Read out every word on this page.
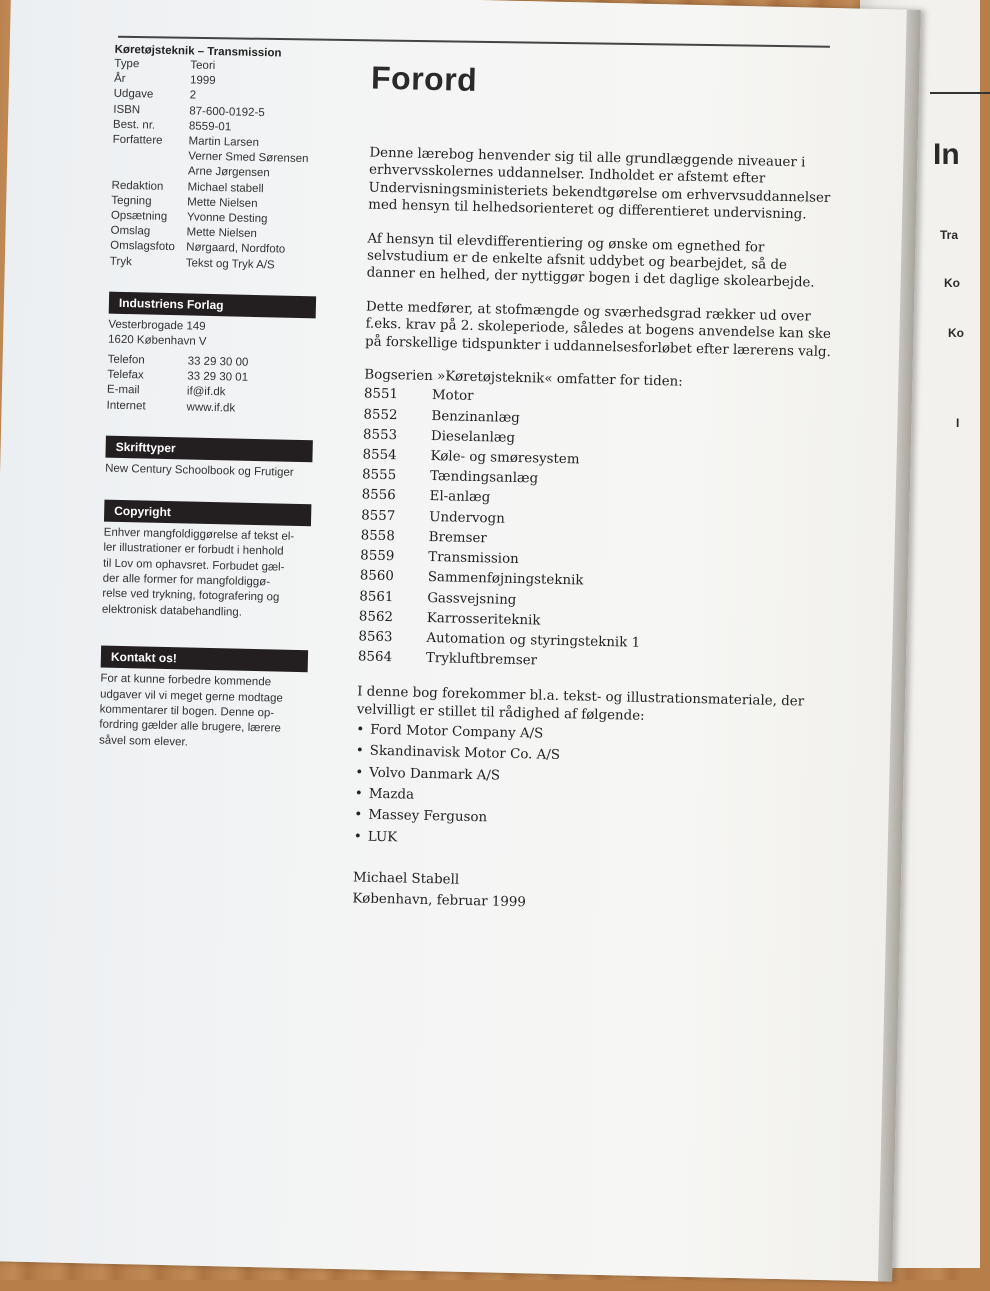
In
Tra
Ko
Ko
I
Køretøjsteknik – Transmission
Type	Teori
År	1999
Udgave	2
ISBN	87-600-0192-5
Best. nr.	8559-01
Forfattere	Martin Larsen
Verner Smed Sørensen
Arne Jørgensen
Redaktion	Michael stabell
Tegning	Mette Nielsen
Opsætning	Yvonne Desting
Omslag	Mette Nielsen
Omslagsfoto Nørgaard, Nordfoto
Tryk	Tekst og Tryk A/S
Industriens Forlag
Vesterbrogade 149
1620 København V
Telefon	33 29 30 00
Telefax	33 29 30 01
E-mail	if@if.dk
Internet	www.if.dk
Skrifttyper
New Century Schoolbook og Frutiger
Copyright
Enhver mangfoldiggørelse af tekst el-
ler illustrationer er forbudt i henhold
til Lov om ophavsret. Forbudet gæl-
der alle former for mangfoldiggø-
relse ved trykning, fotografering og
elektronisk databehandling.
Kontakt os!
For at kunne forbedre kommende
udgaver vil vi meget gerne modtage
kommentarer til bogen. Denne op-
fordring gælder alle brugere, lærere
såvel som elever.
Forord

Denne lærebog henvender sig til alle grundlæggende niveauer i erhvervsskolernes uddannelser. Indholdet er afstemt efter Undervisningsministeriets bekendtgørelse om erhvervsuddannelser med hensyn til helhedsorienteret og differentieret undervisning.

Af hensyn til elevdifferentiering og ønske om egnethed for selvstudium er de enkelte afsnit uddybet og bearbejdet, så de danner en helhed, der nyttiggør bogen i det daglige skolearbejde.

Dette medfører, at stofmængde og sværhedsgrad rækker ud over f.eks. krav på 2. skoleperiode, således at bogens anvendelse kan ske på forskellige tidspunkter i uddannelsesforløbet efter lærerens valg.

Bogserien »Køretøjsteknik« omfatter for tiden:

8551	Motor
8552	Benzinanlæg
8553	Dieselanlæg
8554	Køle- og smøresystem
8555	Tændingsanlæg
8556	El-anlæg
8557	Undervogn
8558	Bremser
8559	Transmission
8560	Sammenføjningsteknik
8561	Gassvejsning
8562	Karrosseriteknik
8563	Automation og styringsteknik 1
8564	Trykluftbremser

I denne bog forekommer bl.a. tekst- og illustrationsmateriale, der velvilligt er stillet til rådighed af følgende:

• Ford Motor Company A/S
• Skandinavisk Motor Co. A/S
• Volvo Danmark A/S
• Mazda
• Massey Ferguson
• LUK
Michael Stabell
København, februar 1999
